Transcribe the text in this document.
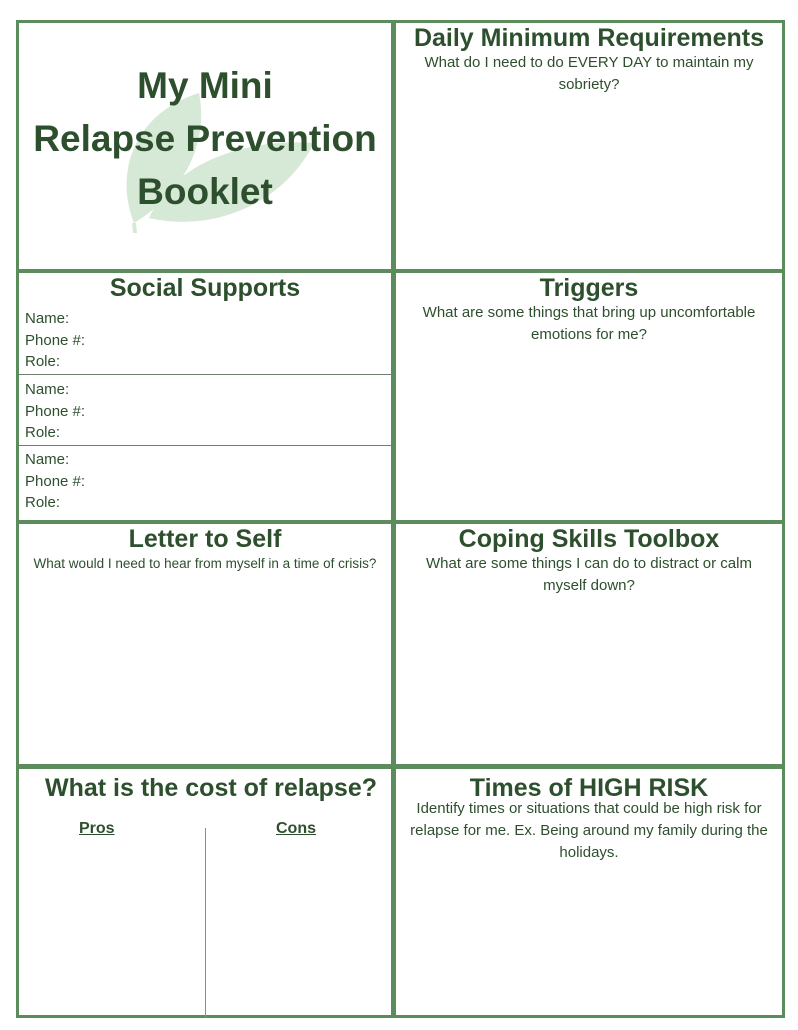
My Mini
Relapse Prevention
Booklet
Daily Minimum Requirements
What do I need to do EVERY DAY to maintain my sobriety?
Social Supports
Name:
Phone #:
Role:
Name:
Phone #:
Role:
Name:
Phone #:
Role:
Triggers
What are some things that bring up uncomfortable emotions for me?
Letter to Self
What would I need to hear from myself in a time of crisis?
Coping Skills Toolbox
What are some things I can do to distract or calm myself down?
What is the cost of relapse?
Pros	Cons
Times of HIGH RISK
Identify times or situations that could be high risk for relapse for me. Ex. Being around my family during the holidays.
